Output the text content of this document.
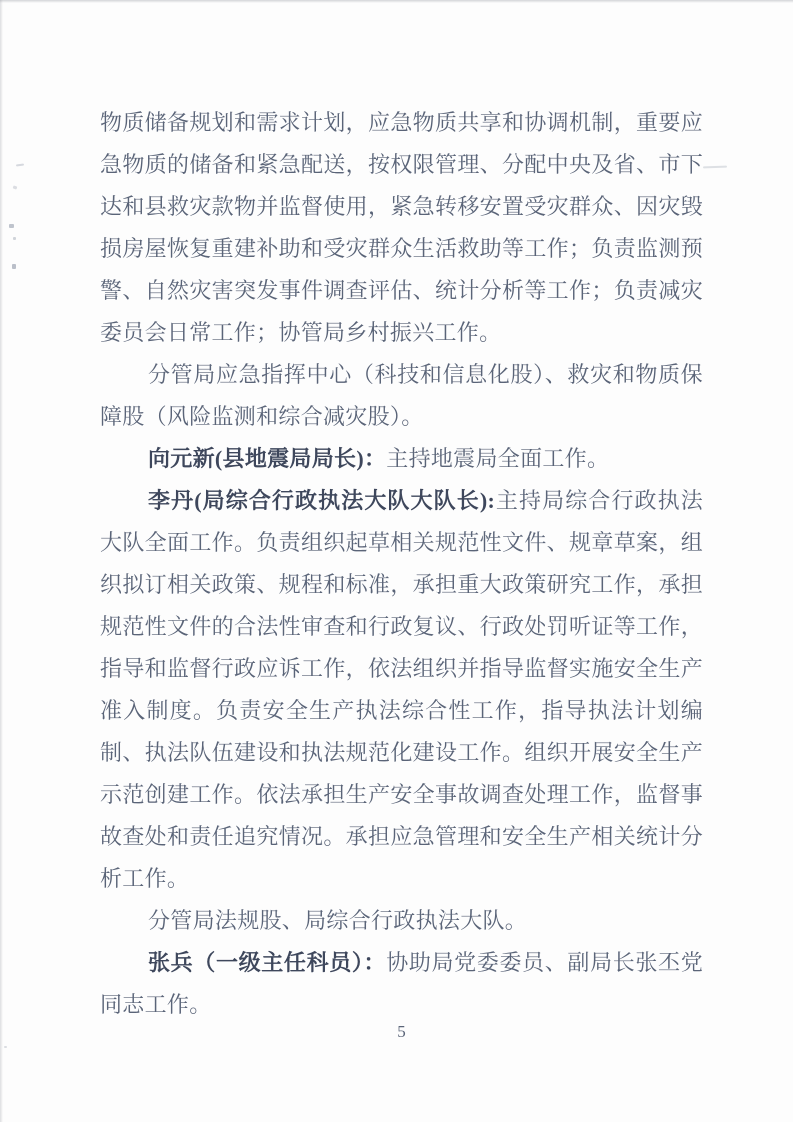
物质储备规划和需求计划，应急物质共享和协调机制，重要应急物质的储备和紧急配送，按权限管理、分配中央及省、市下达和县救灾款物并监督使用，紧急转移安置受灾群众、因灾毁损房屋恢复重建补助和受灾群众生活救助等工作；负责监测预警、自然灾害突发事件调查评估、统计分析等工作；负责减灾委员会日常工作；协管局乡村振兴工作。

分管局应急指挥中心（科技和信息化股）、救灾和物质保障股（风险监测和综合减灾股）。

向元新(县地震局局长)：主持地震局全面工作。

李丹(局综合行政执法大队大队长):主持局综合行政执法大队全面工作。负责组织起草相关规范性文件、规章草案，组织拟订相关政策、规程和标准，承担重大政策研究工作，承担规范性文件的合法性审查和行政复议、行政处罚听证等工作，指导和监督行政应诉工作，依法组织并指导监督实施安全生产准入制度。负责安全生产执法综合性工作，指导执法计划编制、执法队伍建设和执法规范化建设工作。组织开展安全生产示范创建工作。依法承担生产安全事故调查处理工作，监督事故查处和责任追究情况。承担应急管理和安全生产相关统计分析工作。

分管局法规股、局综合行政执法大队。

张兵（一级主任科员）：协助局党委委员、副局长张丕党同志工作。

5
